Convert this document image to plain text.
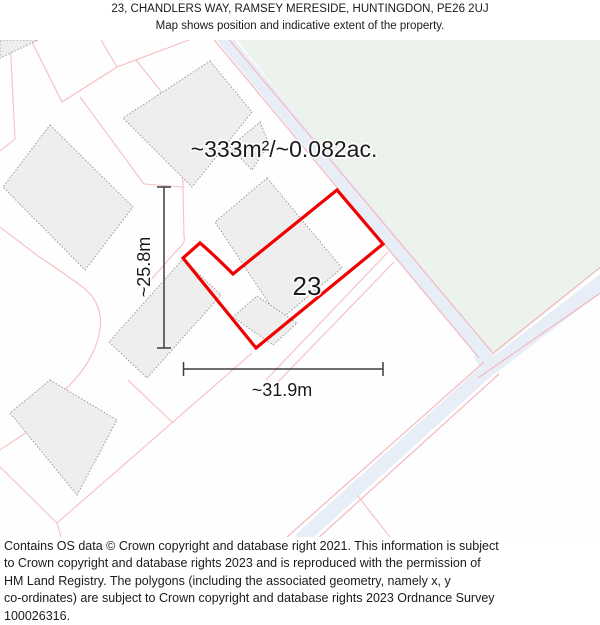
23, CHANDLERS WAY, RAMSEY MERESIDE, HUNTINGDON, PE26 2UJ
Map shows position and indicative extent of the property.
~333m²/~0.082ac.
23
~31.9m
~25.8m
Contains OS data © Crown copyright and database right 2021. This information is subject
to Crown copyright and database rights 2023 and is reproduced with the permission of
HM Land Registry. The polygons (including the associated geometry, namely x, y
co-ordinates) are subject to Crown copyright and database rights 2023 Ordnance Survey
100026316.
